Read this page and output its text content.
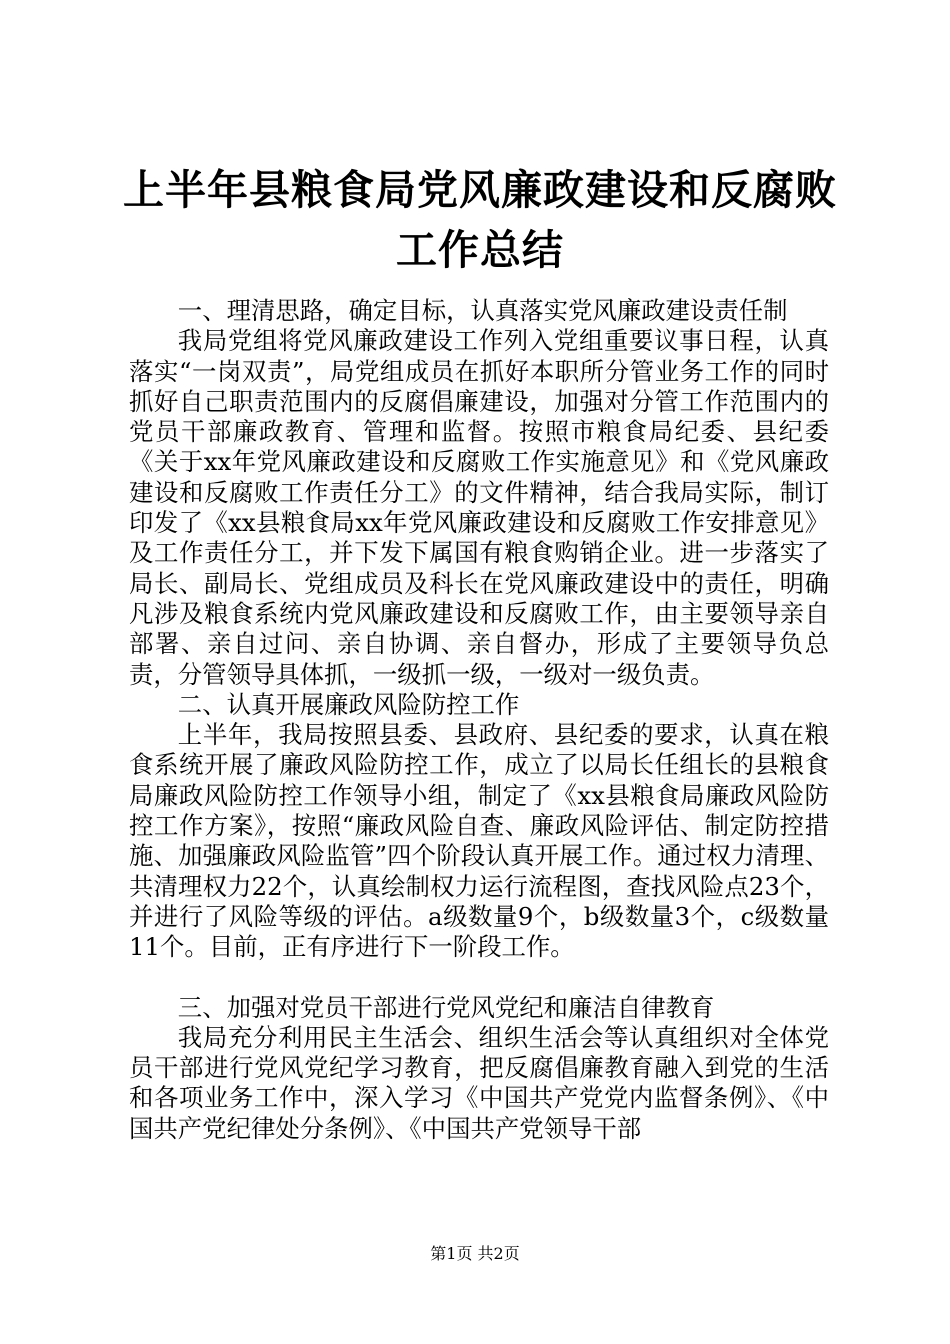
上半年县粮食局党风廉政建设和反腐败工作总结

一、理清思路，确定目标，认真落实党风廉政建设责任制

我局党组将党风廉政建设工作列入党组重要议事日程，认真落实“一岗双责”，局党组成员在抓好本职所分管业务工作的同时抓好自己职责范围内的反腐倡廉建设，加强对分管工作范围内的党员干部廉政教育、管理和监督。按照市粮食局纪委、县纪委《关于xx年党风廉政建设和反腐败工作实施意见》和《党风廉政建设和反腐败工作责任分工》的文件精神，结合我局实际，制订印发了《xx县粮食局xx年党风廉政建设和反腐败工作安排意见》及工作责任分工，并下发下属国有粮食购销企业。进一步落实了局长、副局长、党组成员及科长在党风廉政建设中的责任，明确凡涉及粮食系统内党风廉政建设和反腐败工作，由主要领导亲自部署、亲自过问、亲自协调、亲自督办，形成了主要领导负总责，分管领导具体抓，一级抓一级，一级对一级负责。

二、认真开展廉政风险防控工作

上半年，我局按照县委、县政府、县纪委的要求，认真在粮食系统开展了廉政风险防控工作，成立了以局长任组长的县粮食局廉政风险防控工作领导小组，制定了《xx县粮食局廉政风险防控工作方案》，按照“廉政风险自查、廉政风险评估、制定防控措施、加强廉政风险监管”四个阶段认真开展工作。通过权力清理、共清理权力22个，认真绘制权力运行流程图，查找风险点23个，并进行了风险等级的评估。a级数量9个，b级数量3个，c级数量11个。目前，正有序进行下一阶段工作。

三、加强对党员干部进行党风党纪和廉洁自律教育

我局充分利用民主生活会、组织生活会等认真组织对全体党员干部进行党风党纪学习教育，把反腐倡廉教育融入到党的生活和各项业务工作中，深入学习《中国共产党党内监督条例》、《中国共产党纪律处分条例》、《中国共产党领导干部

第1页 共2页
